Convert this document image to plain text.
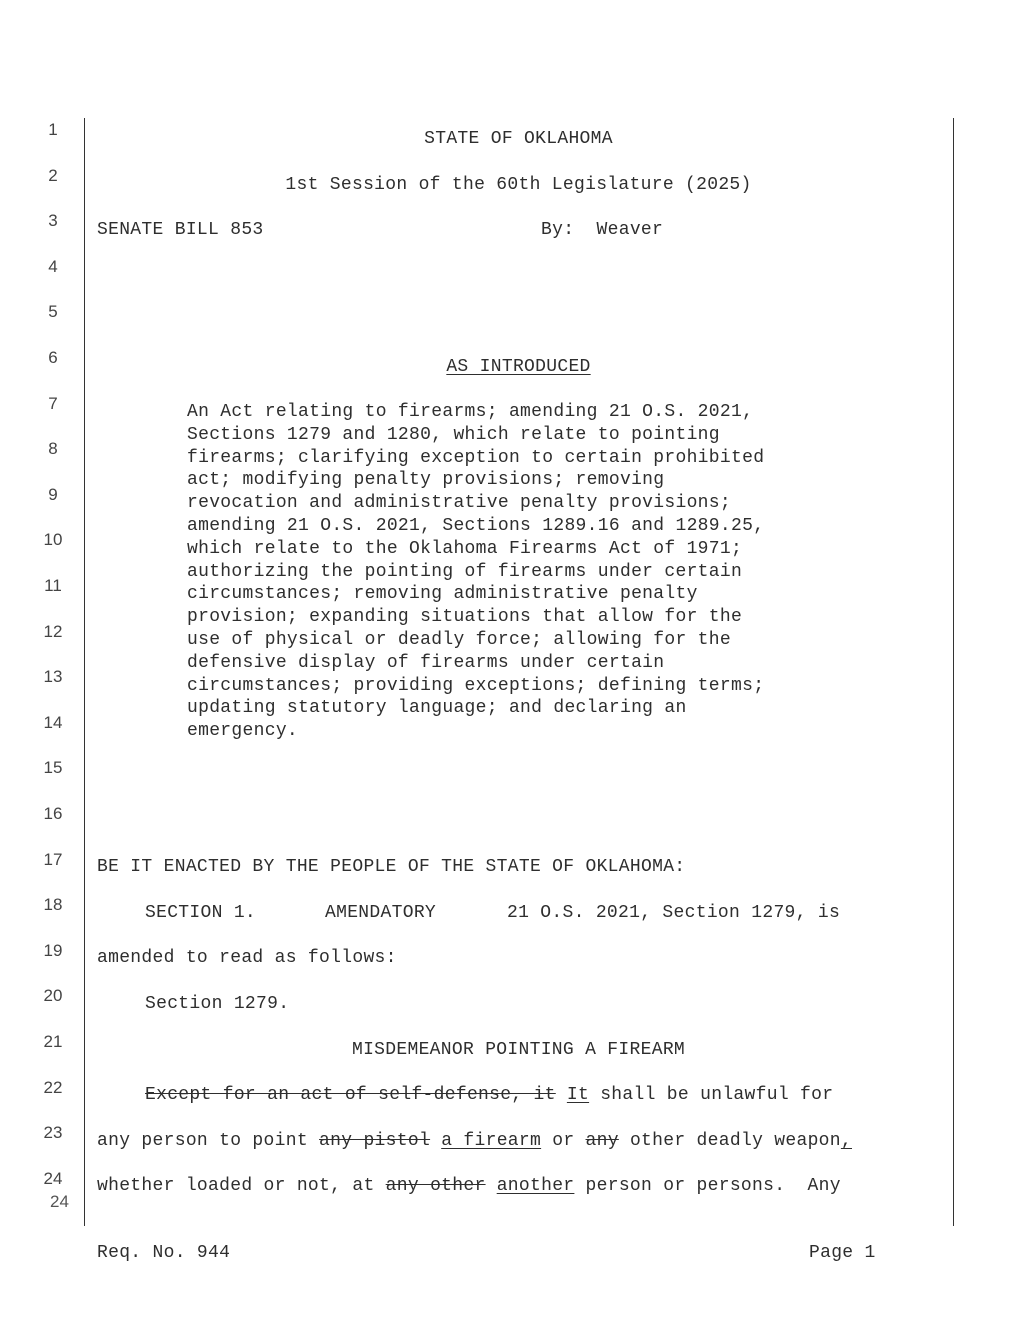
1
2
3
4
5
6
7
8
9
10
11
12
13
14
15
16
17
18
19
20
21
22
23
24
24
STATE OF OKLAHOMA
1st Session of the 60th Legislature (2025)
SENATE BILL 853	By:  Weaver
AS INTRODUCED
An Act relating to firearms; amending 21 O.S. 2021,
Sections 1279 and 1280, which relate to pointing
firearms; clarifying exception to certain prohibited
act; modifying penalty provisions; removing
revocation and administrative penalty provisions;
amending 21 O.S. 2021, Sections 1289.16 and 1289.25,
which relate to the Oklahoma Firearms Act of 1971;
authorizing the pointing of firearms under certain
circumstances; removing administrative penalty
provision; expanding situations that allow for the
use of physical or deadly force; allowing for the
defensive display of firearms under certain
circumstances; providing exceptions; defining terms;
updating statutory language; and declaring an
emergency.
BE IT ENACTED BY THE PEOPLE OF THE STATE OF OKLAHOMA:
SECTION 1.	AMENDATORY	21 O.S. 2021, Section 1279, is
amended to read as follows:
Section 1279.
MISDEMEANOR POINTING A FIREARM
Except for an act of self-defense, it It shall be unlawful for
any person to point any pistol a firearm or any other deadly weapon,
whether loaded or not, at any other another person or persons.  Any
Req. No. 944	Page 1
